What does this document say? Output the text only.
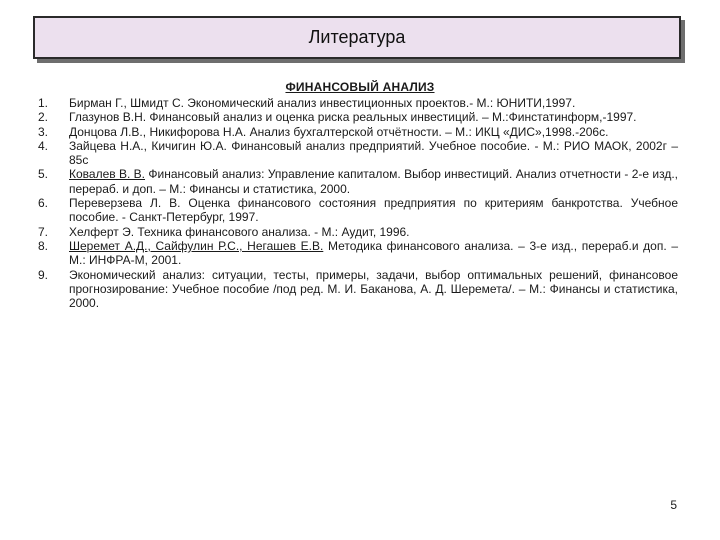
Литература
ФИНАНСОВЫЙ АНАЛИЗ
1.	Бирман Г., Шмидт С. Экономический анализ инвестиционных проектов.- М.: ЮНИТИ,1997.
2.	Глазунов В.Н. Финансовый анализ и оценка риска реальных инвестиций. – М.:Финстатинформ,-1997.
3.	Донцова Л.В., Никифорова Н.А. Анализ бухгалтерской отчётности. – М.: ИКЦ «ДИС»,1998.-206с.
4.	Зайцева Н.А., Кичигин Ю.А. Финансовый анализ предприятий. Учебное пособие. - М.: РИО МАОК, 2002г – 85с
5.	Ковалев В. В. Финансовый анализ: Управление капиталом. Выбор инвестиций. Анализ отчетности - 2-е изд., перераб. и доп. – М.: Финансы и статистика, 2000.
6.	Переверзева Л. В. Оценка финансового состояния предприятия по критериям банкротства. Учебное пособие. - Санкт-Петербург, 1997.
7.	Хелферт Э. Техника финансового анализа. - М.: Аудит, 1996.
8.	Шеремет А.Д., Сайфулин Р.С., Негашев Е.В. Методика финансового анализа. – 3-е изд., перераб.и доп. – М.: ИНФРА-М, 2001.
9.	Экономический анализ: ситуации, тесты, примеры, задачи, выбор оптимальных решений, финансовое прогнозирование: Учебное пособие /под ред. М. И. Баканова, А. Д. Шеремета/. – М.: Финансы и статистика, 2000.
5
